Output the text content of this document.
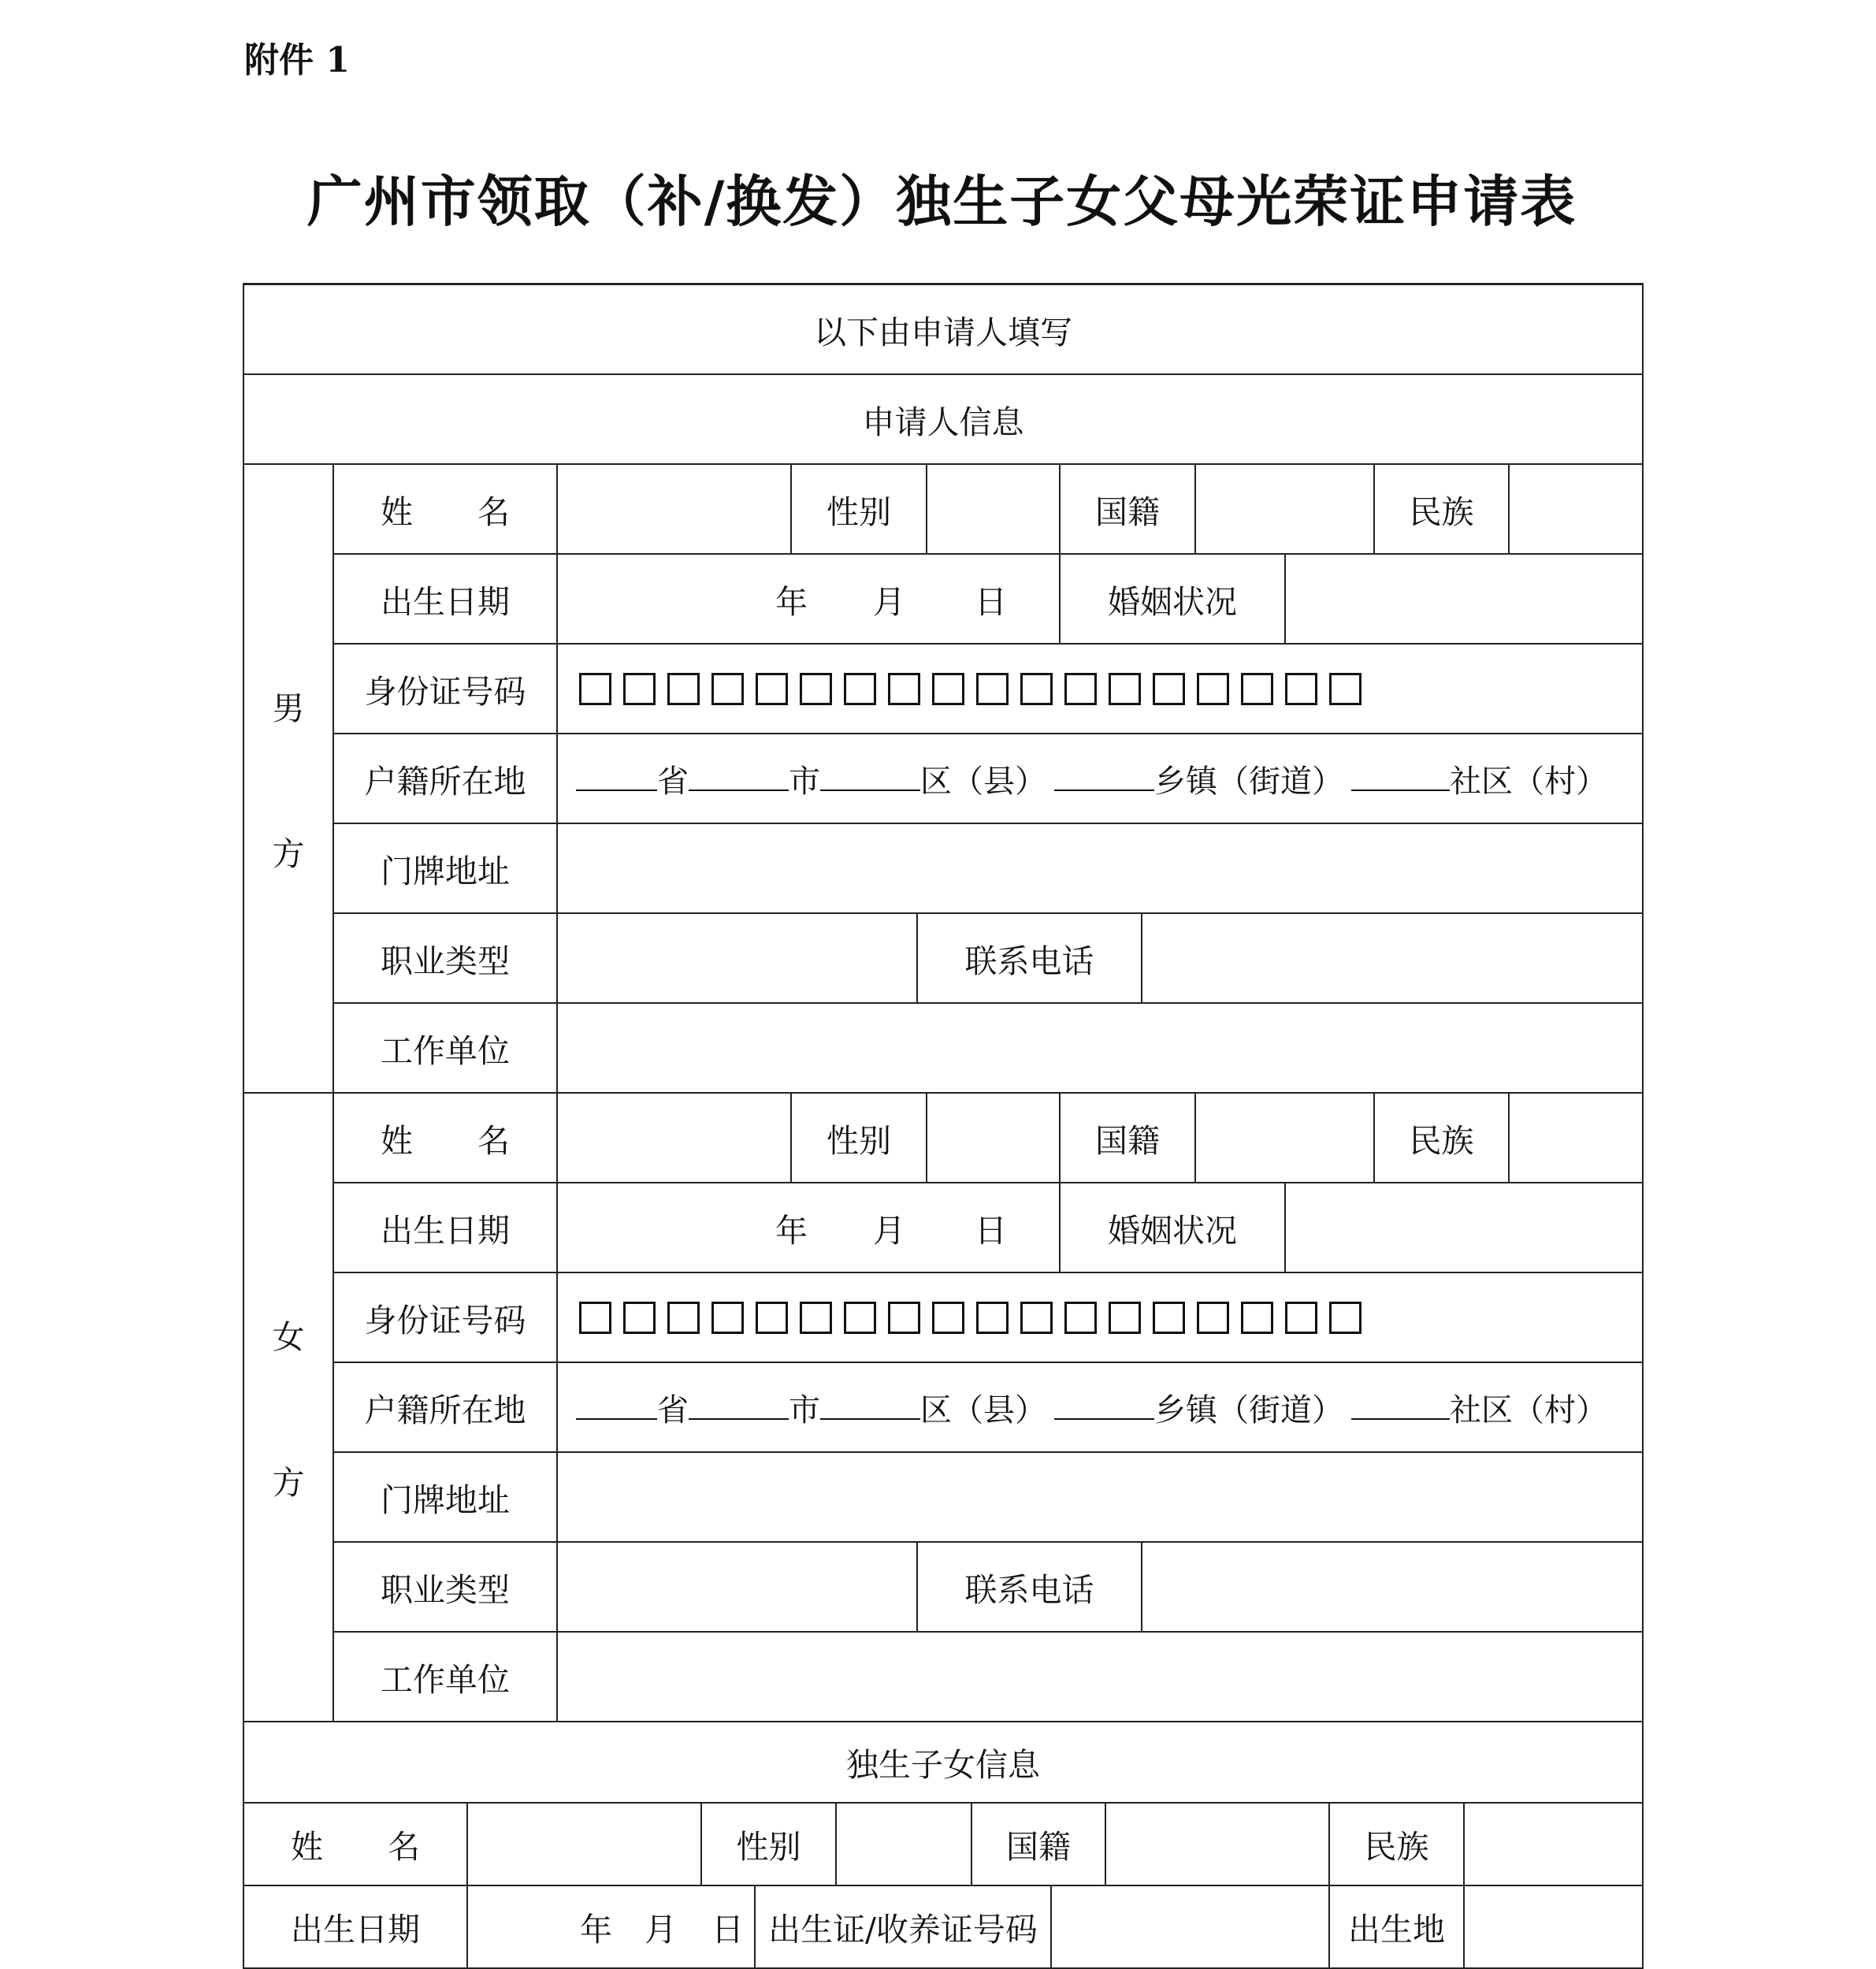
附件 1
广州市领取（补/换发）独生子女父母光荣证申请表
以下由申请人填写
申请人信息
男
方
姓　　名	性别	国籍	民族
出生日期	年 月 日	婚姻状况
身份证号码
户籍所在地	省	市	区（县）	乡镇（街道）	社区（村）
门牌地址
职业类型	联系电话
工作单位
女
方
姓　　名	性别	国籍	民族
出生日期	年 月 日	婚姻状况
身份证号码
户籍所在地	省	市	区（县）	乡镇（街道）	社区（村）
门牌地址
职业类型	联系电话
工作单位
独生子女信息
姓　　名	性别	国籍	民族
出生日期	年 月 日 出生证/收养证号码	出生地
